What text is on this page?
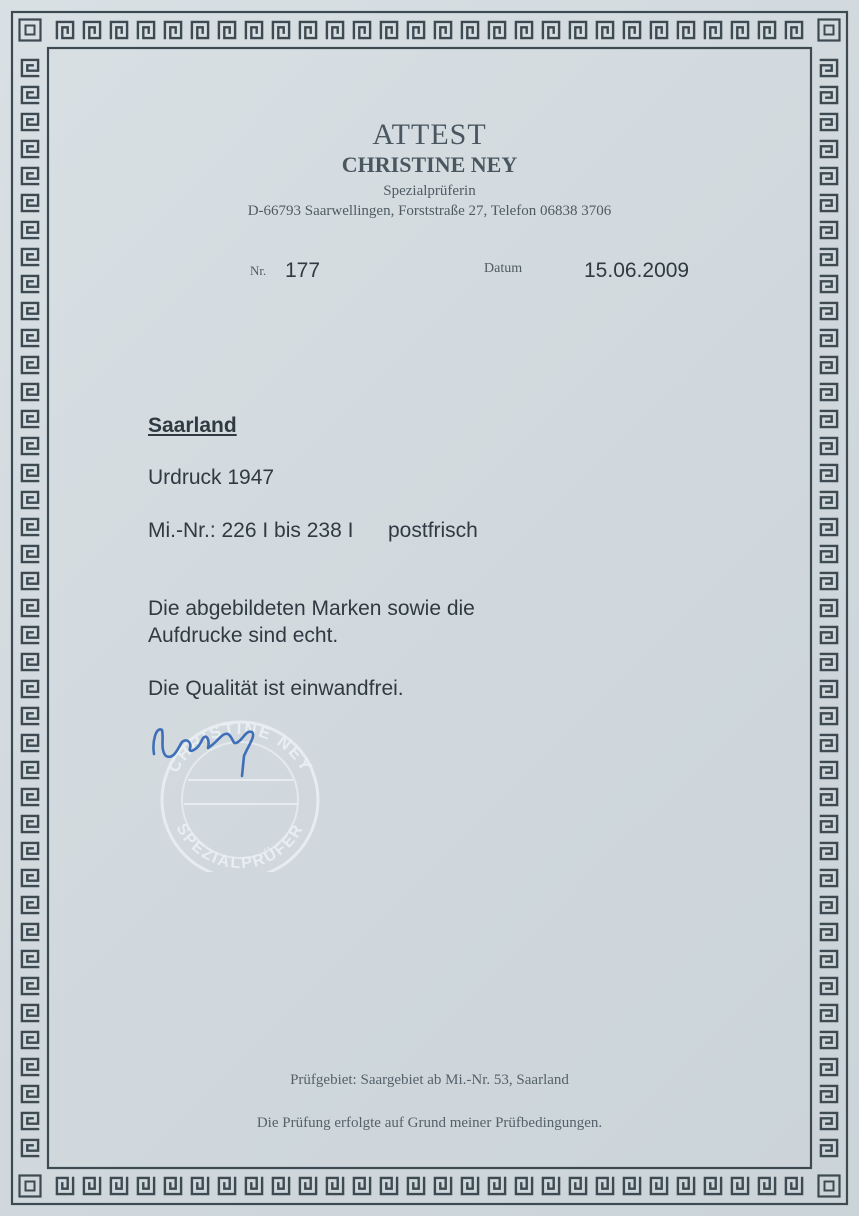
ATTEST
CHRISTINE NEY
Spezialprüferin
D-66793 Saarwellingen, Forststraße 27, Telefon 06838 3706
Nr. 177	Datum	15.06.2009
Saarland
Urdruck 1947
Mi.-Nr.: 226 I bis 238 I postfrisch
Die abgebildeten Marken sowie die
Aufdrucke sind echt.
Die Qualität ist einwandfrei.
CHRISTINE NEY
SPEZIALPRÜFER
Prüfgebiet: Saargebiet ab Mi.-Nr. 53, Saarland
Die Prüfung erfolgte auf Grund meiner Prüfbedingungen.
